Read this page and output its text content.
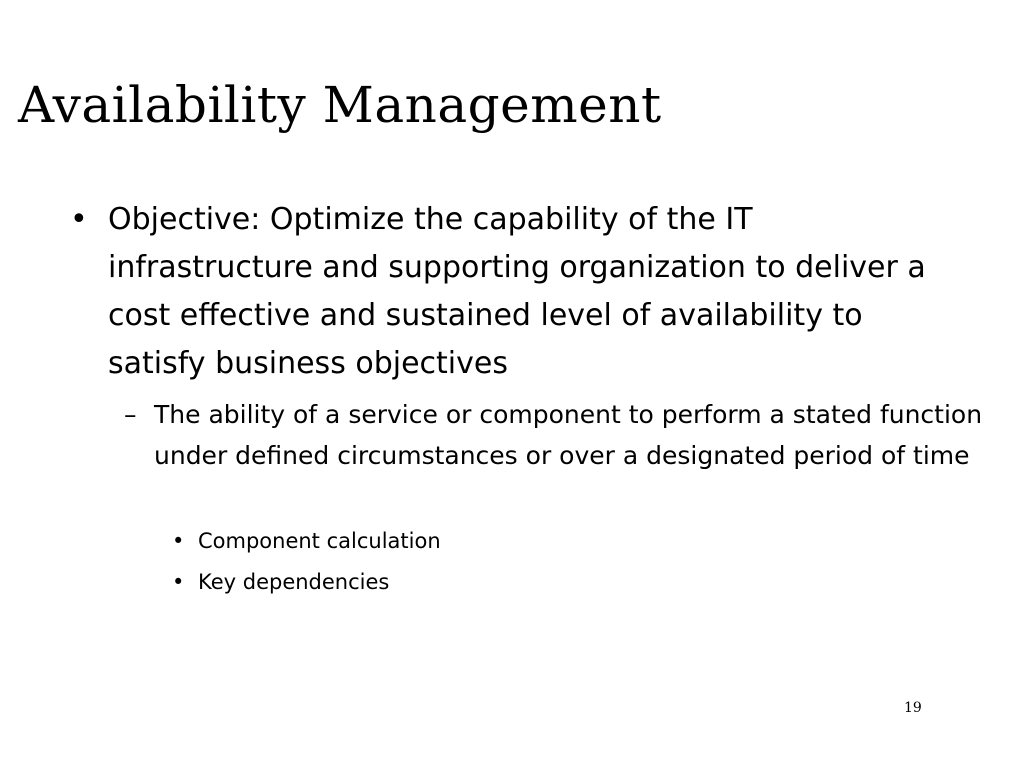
Availability Management
• Objective: Optimize the capability of the IT infrastructure and supporting organization to deliver a cost effective and sustained level of availability to satisfy business objectives
– The ability of a service or component to perform a stated function under defined circumstances or over a designated period of time
• Component calculation
• Key dependencies
19
